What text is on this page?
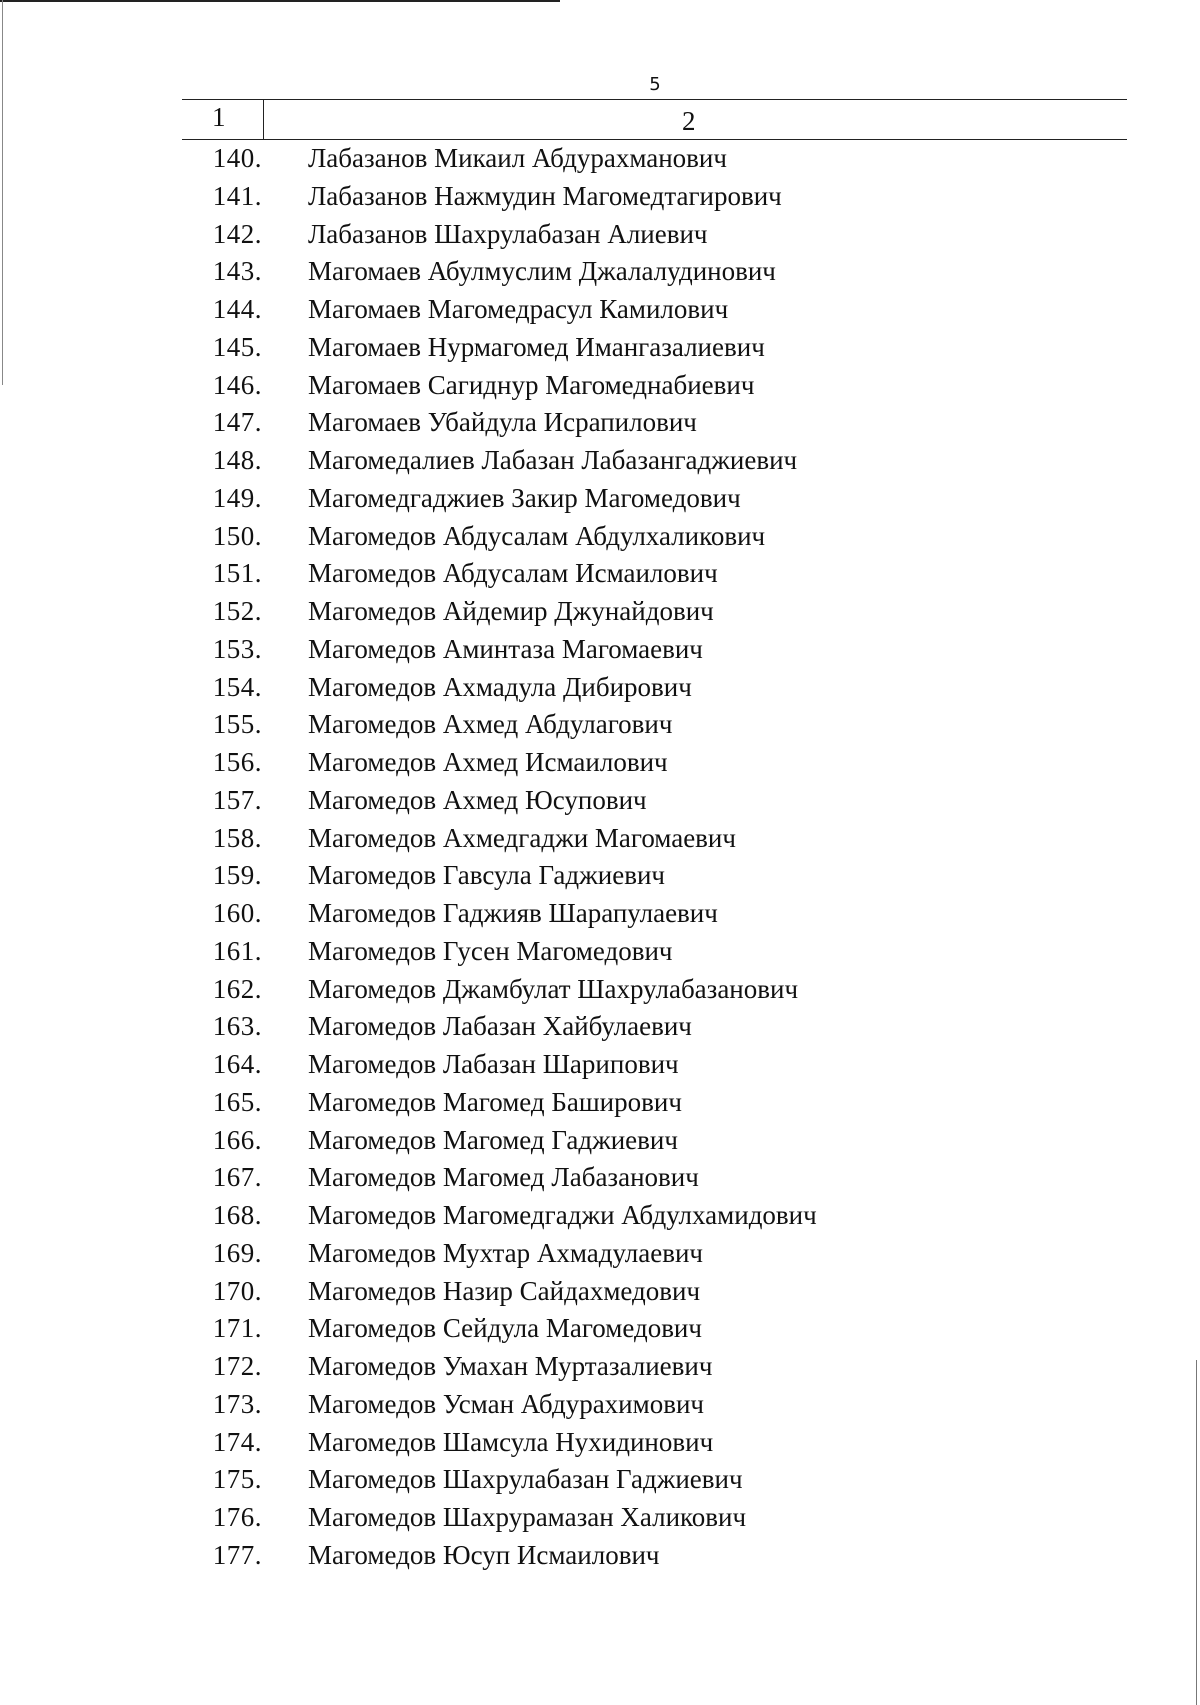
5
1	2
140. Лабазанов Микаил Абдурахманович
141. Лабазанов Нажмудин Магомедтагирович
142. Лабазанов Шахрулабазан Алиевич
143. Магомаев Абулмуслим Джалалудинович
144. Магомаев Магомедрасул Камилович
145. Магомаев Нурмагомед Имангазалиевич
146. Магомаев Сагиднур Магомеднабиевич
147. Магомаев Убайдула Исрапилович
148. Магомедалиев Лабазан Лабазангаджиевич
149. Магомедгаджиев Закир Магомедович
150. Магомедов Абдусалам Абдулхаликович
151. Магомедов Абдусалам Исмаилович
152. Магомедов Айдемир Джунайдович
153. Магомедов Аминтаза Магомаевич
154. Магомедов Ахмадула Дибирович
155. Магомедов Ахмед Абдулагович
156. Магомедов Ахмед Исмаилович
157. Магомедов Ахмед Юсупович
158. Магомедов Ахмедгаджи Магомаевич
159. Магомедов Гавсула Гаджиевич
160. Магомедов Гаджияв Шарапулаевич
161. Магомедов Гусен Магомедович
162. Магомедов Джамбулат Шахрулабазанович
163. Магомедов Лабазан Хайбулаевич
164. Магомедов Лабазан Шарипович
165. Магомедов Магомед Баширович
166. Магомедов Магомед Гаджиевич
167. Магомедов Магомед Лабазанович
168. Магомедов Магомедгаджи Абдулхамидович
169. Магомедов Мухтар Ахмадулаевич
170. Магомедов Назир Сайдахмедович
171. Магомедов Сейдула Магомедович
172. Магомедов Умахан Муртазалиевич
173. Магомедов Усман Абдурахимович
174. Магомедов Шамсула Нухидинович
175. Магомедов Шахрулабазан Гаджиевич
176. Магомедов Шахрурамазан Халикович
177. Магомедов Юсуп Исмаилович
